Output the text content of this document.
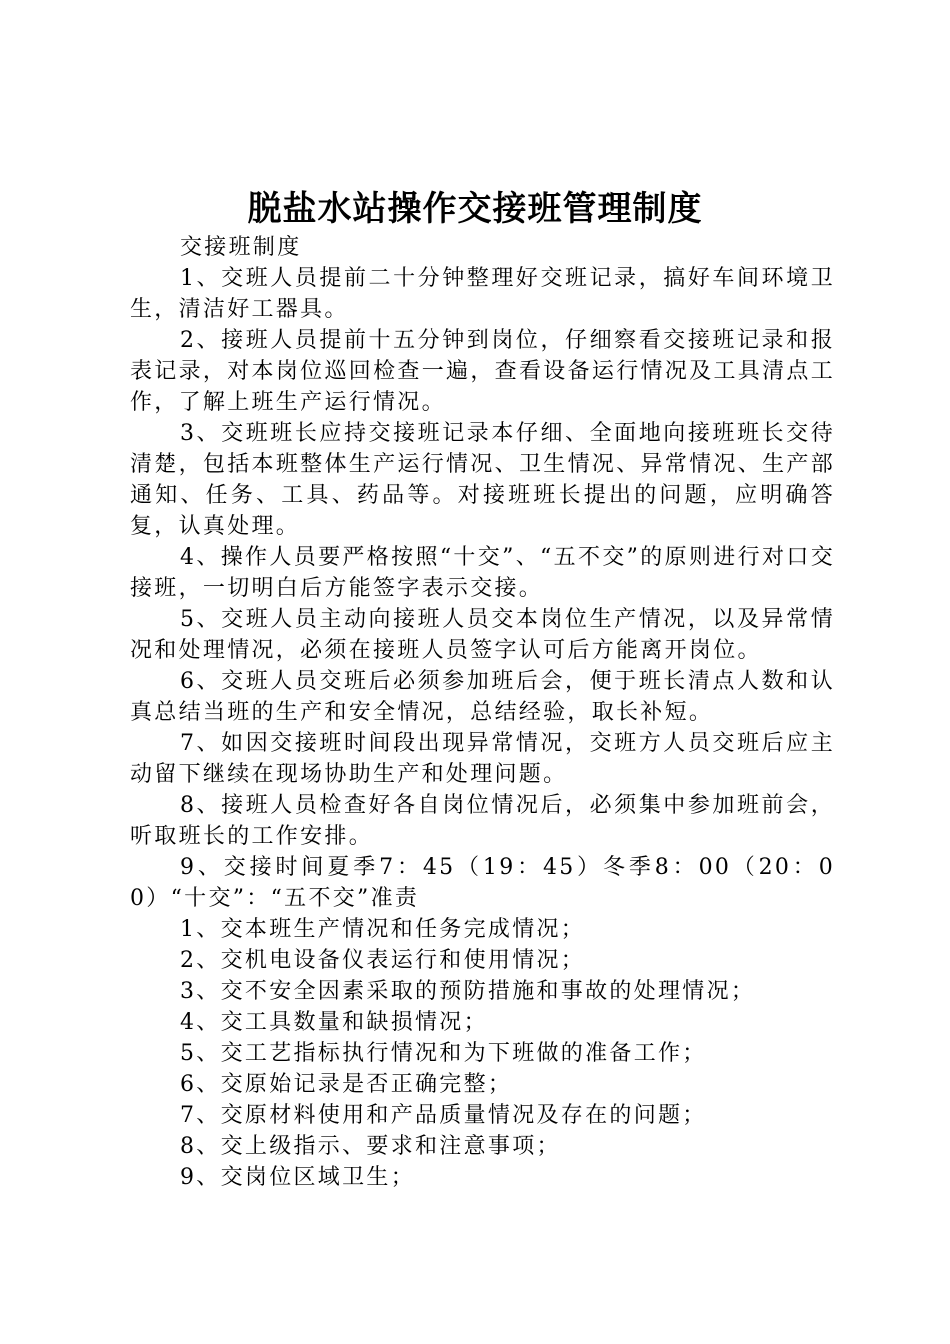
脱盐水站操作交接班管理制度

交接班制度

1、交班人员提前二十分钟整理好交班记录，搞好车间环境卫生，清洁好工器具。

2、接班人员提前十五分钟到岗位，仔细察看交接班记录和报表记录，对本岗位巡回检查一遍，查看设备运行情况及工具清点工作，了解上班生产运行情况。

3、交班班长应持交接班记录本仔细、全面地向接班班长交待清楚，包括本班整体生产运行情况、卫生情况、异常情况、生产部通知、任务、工具、药品等。对接班班长提出的问题，应明确答复，认真处理。

4、操作人员要严格按照“十交”、“五不交”的原则进行对口交接班，一切明白后方能签字表示交接。

5、交班人员主动向接班人员交本岗位生产情况，以及异常情况和处理情况，必须在接班人员签字认可后方能离开岗位。

6、交班人员交班后必须参加班后会，便于班长清点人数和认真总结当班的生产和安全情况，总结经验，取长补短。

7、如因交接班时间段出现异常情况，交班方人员交班后应主动留下继续在现场协助生产和处理问题。

8、接班人员检查好各自岗位情况后，必须集中参加班前会，听取班长的工作安排。

9、交接时间夏季7：45（19：45）冬季8：00（20：00）“十交”：“五不交”准责

1、交本班生产情况和任务完成情况；

2、交机电设备仪表运行和使用情况；

3、交不安全因素采取的预防措施和事故的处理情况；

4、交工具数量和缺损情况；

5、交工艺指标执行情况和为下班做的准备工作；

6、交原始记录是否正确完整；

7、交原材料使用和产品质量情况及存在的问题；

8、交上级指示、要求和注意事项；

9、交岗位区域卫生；
